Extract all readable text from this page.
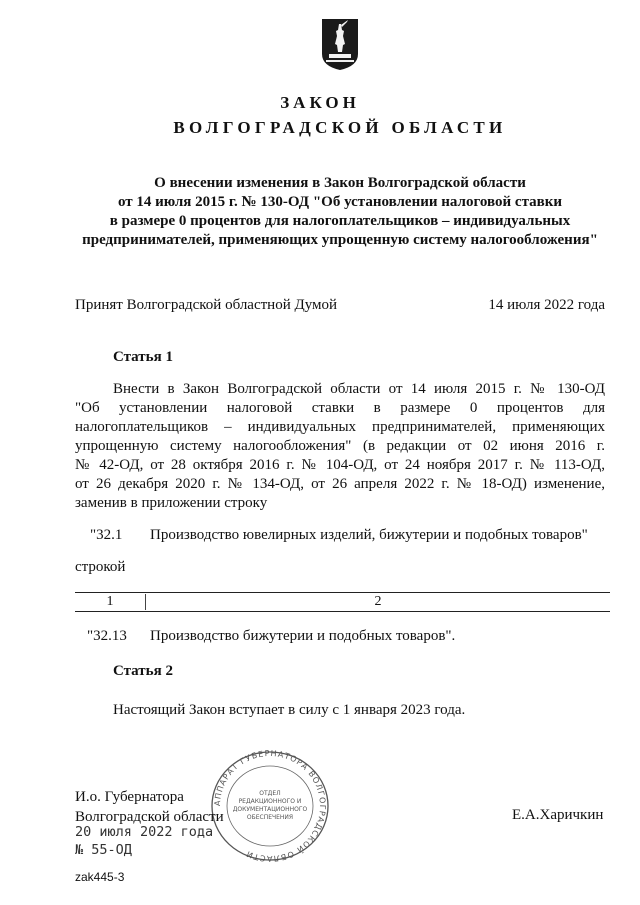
ЗАКОН
ВОЛГОГРАДСКОЙ ОБЛАСТИ
О внесении изменения в Закон Волгоградской области
от 14 июля 2015 г. № 130-ОД "Об установлении налоговой ставки
в размере 0 процентов для налогоплательщиков – индивидуальных
предпринимателей, применяющих упрощенную систему налогообложения"
Принят Волгоградской областной Думой	14 июля 2022 года
Статья 1
Внести в Закон Волгоградской области от 14 июля 2015 г. № 130-ОД
"Об установлении налоговой ставки в размере 0 процентов для
налогоплательщиков – индивидуальных предпринимателей, применяющих
упрощенную систему налогообложения" (в редакции от 02 июня 2016 г.
№ 42-ОД, от 28 октября 2016 г. № 104-ОД, от 24 ноября 2017 г. № 113-ОД,
от 26 декабря 2020 г. № 134-ОД, от 26 апреля 2022 г. № 18-ОД) изменение,
заменив в приложении строку
"32.1 Производство ювелирных изделий, бижутерии и подобных товаров"
строкой
1	2
"32.13 Производство бижутерии и подобных товаров".
Статья 2
Настоящий Закон вступает в силу с 1 января 2023 года.
АППАРАТ ГУБЕРНАТОРА ВОЛГОГРАДСКОЙ ОБЛАСТИ
ОТДЕЛ
РЕДАКЦИОННОГО И
ДОКУМЕНТАЦИОННОГО
ОБЕСПЕЧЕНИЯ
И.о. Губернатора
Волгоградской области	Е.А.Харичкин
20 июля 2022 года
№ 55-ОД
zak445-3
